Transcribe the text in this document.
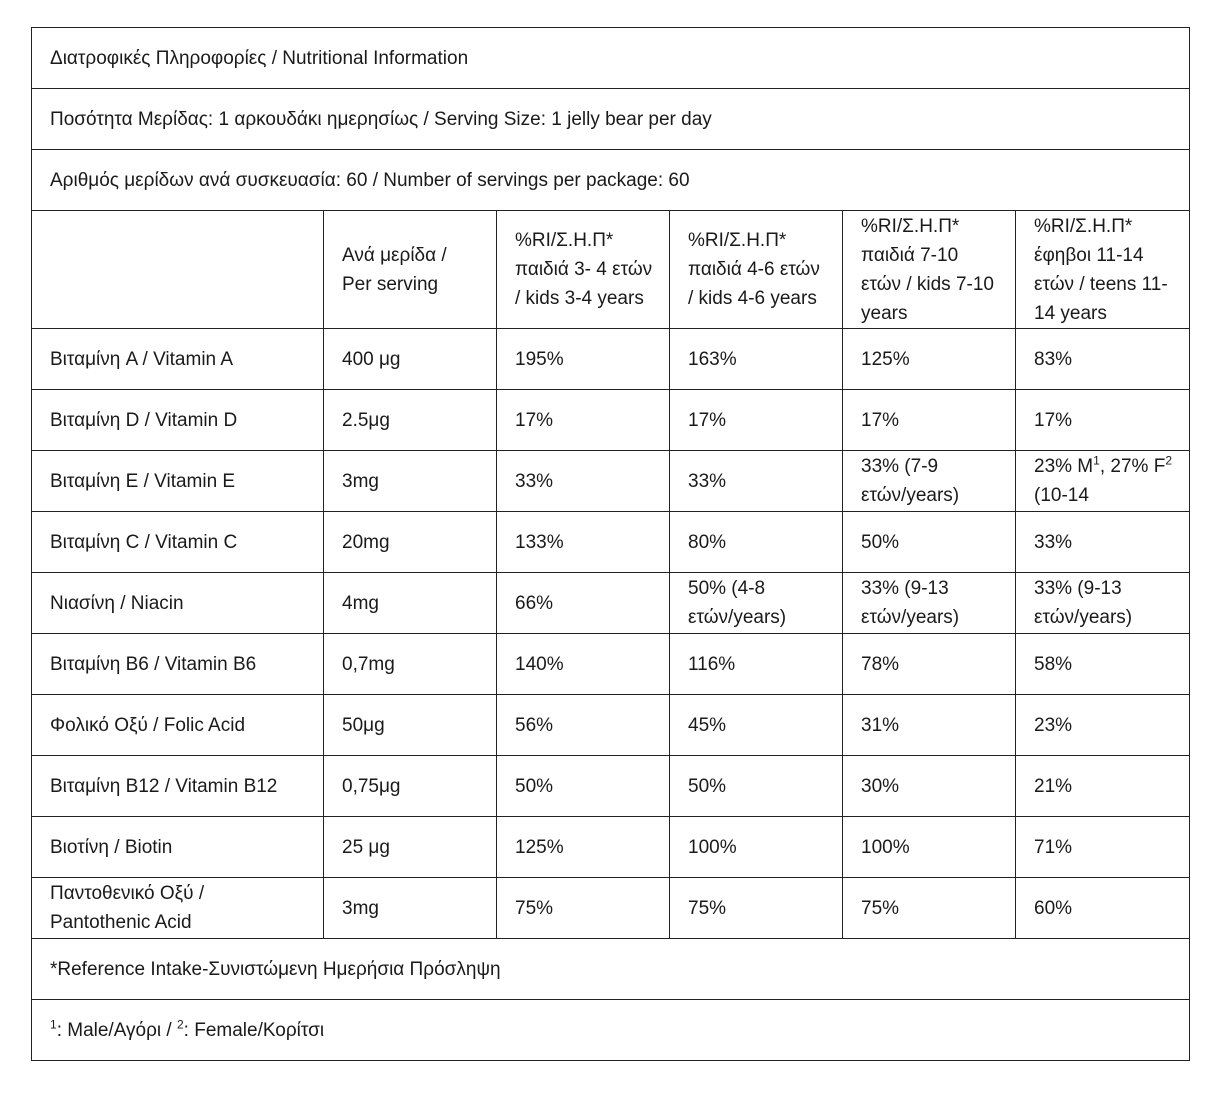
Διατροφικές Πληροφορίες / Nutritional Information					
Ποσότητα Μερίδας: 1 αρκουδάκι ημερησίως / Serving Size: 1 jelly bear per day					
Αριθμός μερίδων ανά συσκευασία: 60 / Number of servings per package: 60					
	Ανά μερίδα / Per serving	%RI/Σ.Η.Π* παιδιά 3- 4 ετών / kids 3-4 years	%RI/Σ.Η.Π* παιδιά 4-6 ετών / kids 4-6 years	%RI/Σ.Η.Π* παιδιά 7-10 ετών / kids 7-10 years	%RI/Σ.Η.Π* έφηβοι 11-14 ετών / teens 11-14 years
Βιταμίνη A / Vitamin A	400 μg	195%	163%	125%	83%
Βιταμίνη D / Vitamin D	2.5μg	17%	17%	17%	17%
Βιταμίνη E / Vitamin E	3mg	33%	33%	33% (7-9 ετών/years)	23% $M^1$, 27% $F^2$ (10-14
Βιταμίνη C / Vitamin C	20mg	133%	80%	50%	33%
Νιασίνη / Niacin	4mg	66%	50% (4-8 ετών/years)	33% (9-13 ετών/years)	33% (9-13 ετών/years)
Βιταμίνη B6 / Vitamin B6	0,7mg	140%	116%	78%	58%
Φολικό Οξύ / Folic Acid	50μg	56%	45%	31%	23%
Βιταμίνη B12 / Vitamin B12	0,75μg	50%	50%	30%	21%
Βιοτίνη / Biotin	25 μg	125%	100%	100%	71%
Παντοθενικό Οξύ / Pantothenic Acid	3mg	75%	75%	75%	60%
*Reference Intake-Συνιστώμενη Ημερήσια Πρόσληψη					
$^1$: Male/Αγόρι / $^2$: Female/Κορίτσι					
